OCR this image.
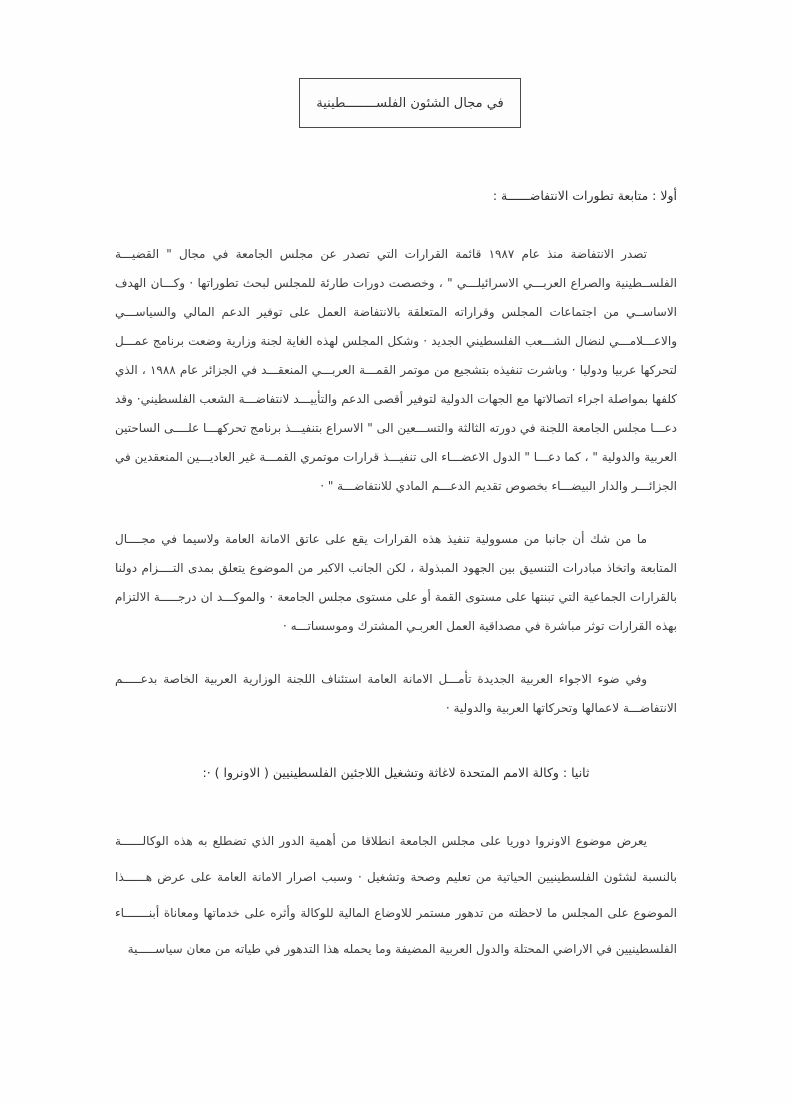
في مجال الشئون الفلســــــــطينية
أولا : متابعة تطورات الانتفاضــــــة :

تصدر الانتفاضة منذ عام ١٩٨٧ قائمة القرارات التي تصدر عن مجلس الجامعة في مجال " القضيـــة الفلســطينية والصراع العربـــي الاسرائيلـــي " ، وخصصت دورات طارئة للمجلس لبحث تطوراتها · وكـــان الهدف الاساســي من اجتماعات المجلس وقراراته المتعلقة بالانتفاضة العمل على توفير الدعم المالي والسياســـي والاعـــلامـــي لنضال الشـــعب الفلسطيني الجديد · وشكل المجلس لهذه الغاية لجنة وزارية وضعت برنامج عمـــل لتحركها عربيا ودوليا · وباشرت تنفيذه بتشجيع من موتمر القمـــة العربـــي المنعقـــد في الجزائر عام ١٩٨٨ ، الذي كلفها بمواصلة اجراء اتصالاتها مع الجهات الدولية لتوفير أقصى الدعم والتأييـــد لانتفاضـــة الشعب الفلسطيني· وقد دعـــا مجلس الجامعة اللجنة في دورته الثالثة والتســـعين الى " الاسراع بتنفيـــذ برنامج تحركهـــا علــــى الساحتين العربية والدولية " ، كما دعـــا " الدول الاعضـــاء الى تنفيـــذ قرارات موتمري القمـــة غير العاديـــين المنعقدين في الجزائـــر والدار البيضـــاء بخصوص تقديم الدعـــم المادي للانتفاضـــة " ·

ما من شك أن جانبا من مسوولية تنفيذ هذه القرارات يقع على عاتق الامانة العامة ولاسيما في مجــــال المتابعة واتخاذ مبادرات التنسيق بين الجهود المبذولة ، لكن الجانب الاكبر من الموضوع يتعلق بمدى التــــزام دولنا بالقرارات الجماعية التي تبنتها على مستوى القمة أو على مستوى مجلس الجامعة · والموكـــد ان درجـــــة الالتزام بهذه القرارات توثر مباشرة في مصداقية العمل العربـي المشترك وموسساتـــه ·

وفي ضوء الاجواء العربية الجديدة تأمـــل الامانة العامة استئناف اللجنة الوزارية العربية الخاصة بدعـــــم الانتفاضـــة لاعمالها وتحركاتها العربية والدولية ·

ثانيا : وكالة الامم المتحدة لاغاثة وتشغيل اللاجئين الفلسطينيين ( الاونروا ) ·:

يعرض موضوع الاونروا دوريا على مجلس الجامعة انطلاقا من أهمية الدور الذي تضطلع به هذه الوكالــــــة بالنسبة لشئون الفلسطينيين الحياتية من تعليم وصحة وتشغيل · وسبب اصرار الامانة العامة على عرض هــــــذا الموضوع على المجلس ما لاحظته من تدهور مستمر للاوضاع المالية للوكالة وأثره على خدماتها ومعاناة أبنـــــــاء الفلسطينيين في الاراضي المحتلة والدول العربية المضيفة وما يحمله هذا التدهور في طياته من معان سياســـــية
